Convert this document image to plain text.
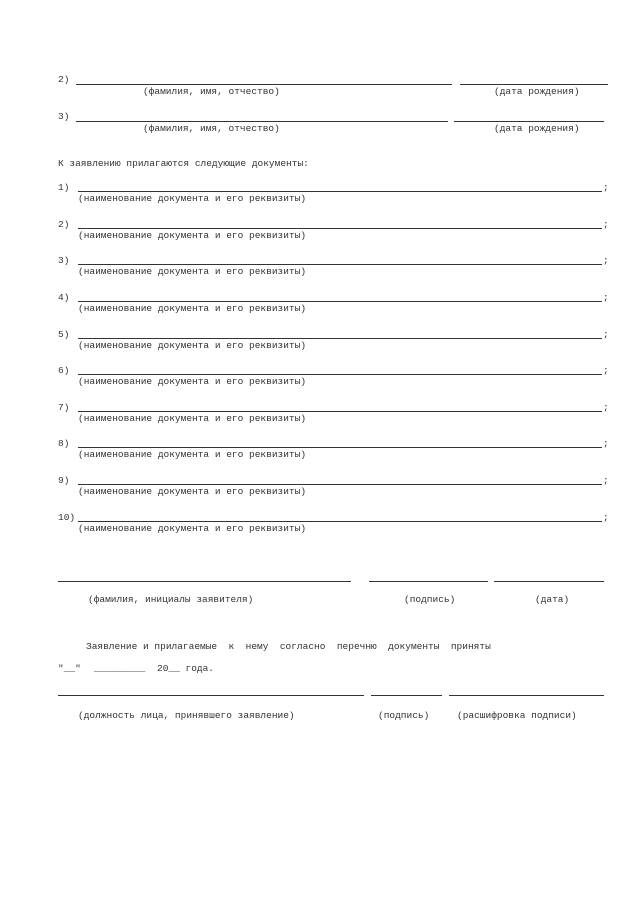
2)
(фамилия, имя, отчество)	(дата рождения)
3)
(фамилия, имя, отчество)	(дата рождения)
К заявлению прилагаются следующие документы:
1)	;
(наименование документа и его реквизиты)
2)	;
(наименование документа и его реквизиты)
3)	;
(наименование документа и его реквизиты)
4)	;
(наименование документа и его реквизиты)
5)	;
(наименование документа и его реквизиты)
6)	;
(наименование документа и его реквизиты)
7)	;
(наименование документа и его реквизиты)
8)	;
(наименование документа и его реквизиты)
9)	;
(наименование документа и его реквизиты)
10)	;
(наименование документа и его реквизиты)
(фамилия, инициалы заявителя)	(подпись)	(дата)
Заявление и прилагаемые  к  нему  согласно  перечню  документы  приняты
"__" _________ 20__ года.
(должность лица, принявшего заявление)	(подпись)	(расшифровка подписи)
